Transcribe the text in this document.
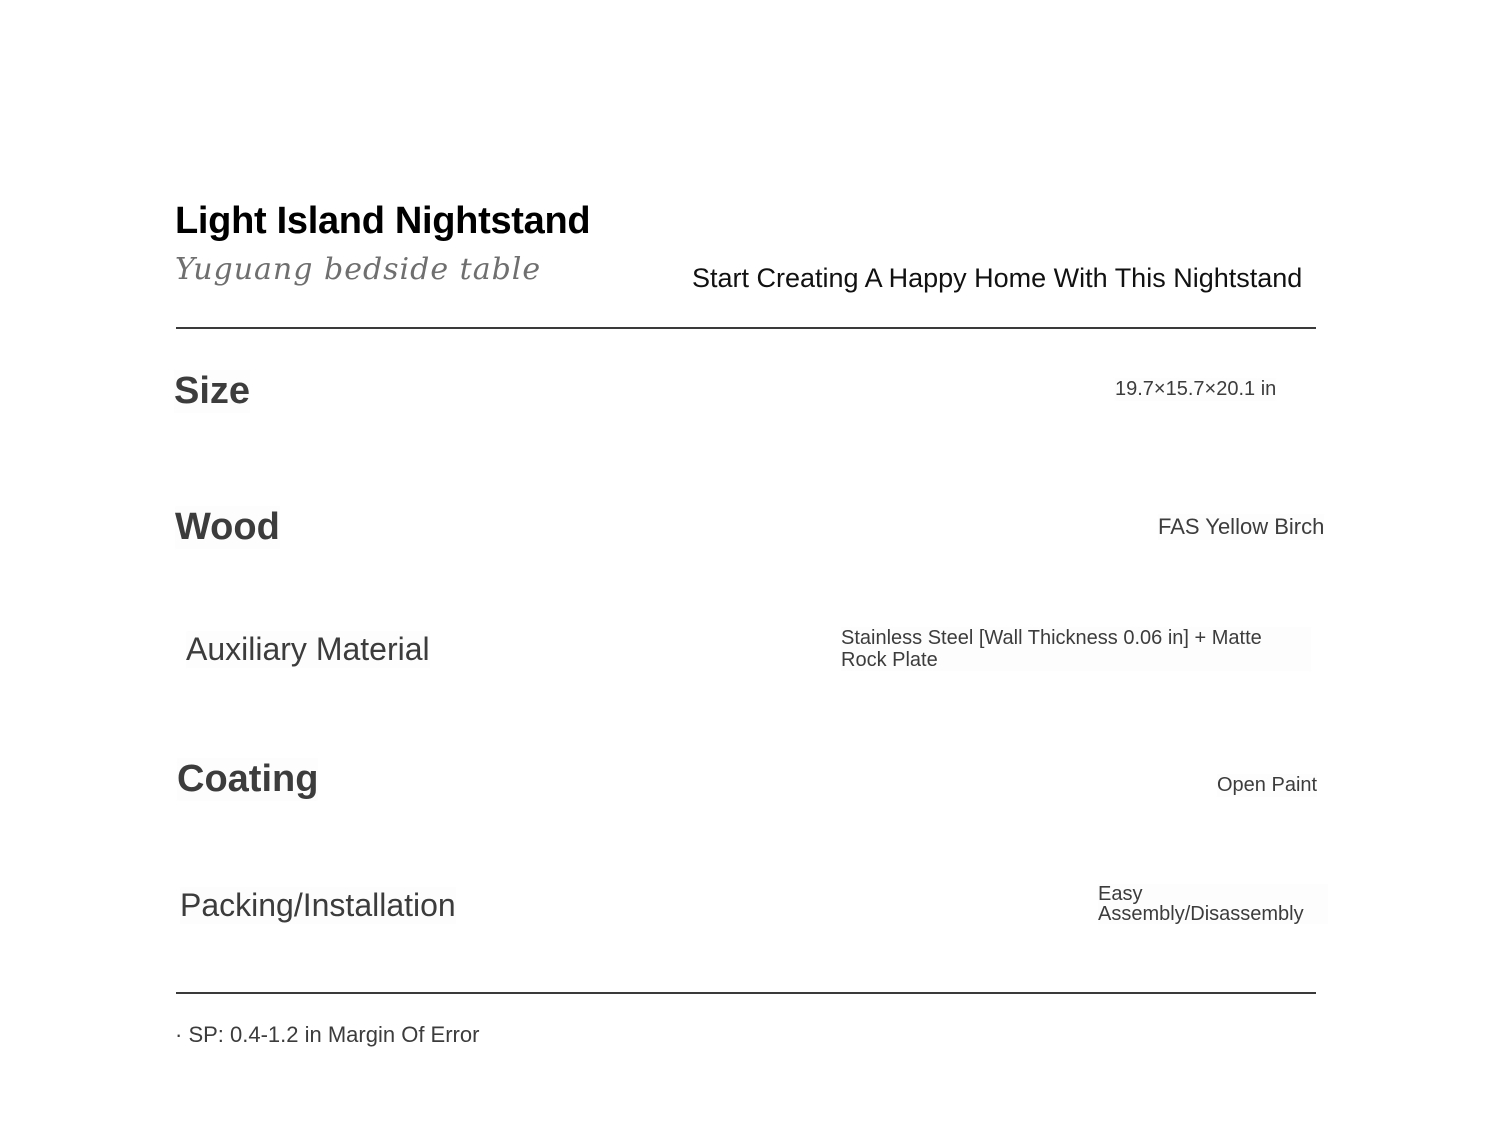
Light Island Nightstand
Yuguang bedside table	Start Creating A Happy Home With This Nightstand
Size	19.7×15.7×20.1 in
Wood	FAS Yellow Birch
Auxiliary Material	Stainless Steel [Wall Thickness 0.06 in] + Matte Rock Plate
Coating	Open Paint
Packing/Installation	Easy Assembly/Disassembly
· SP: 0.4-1.2 in Margin Of Error
